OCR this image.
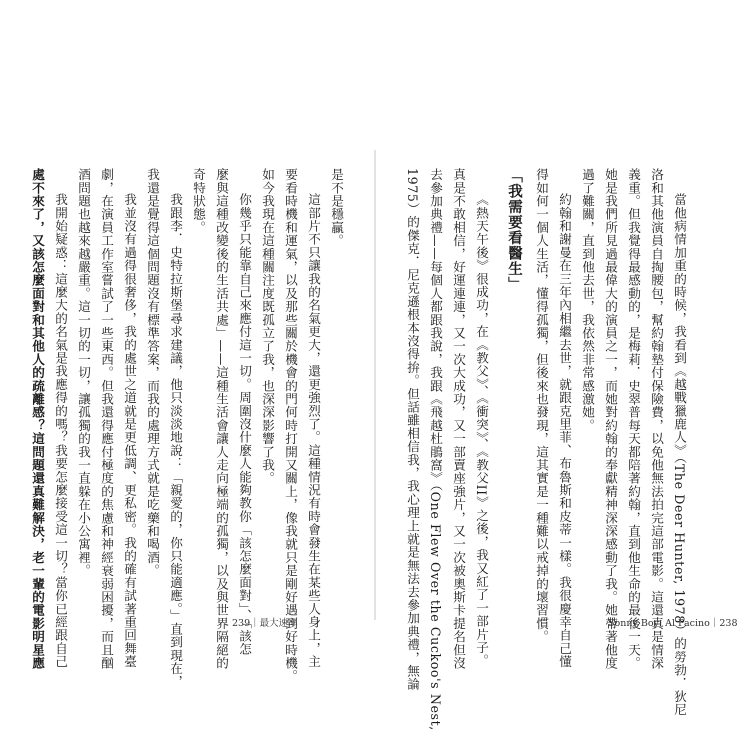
當他病情加重的時候，我看到《越戰獵鹿人》（The Deer Hunter, 1978）的勞勃．狄尼
洛和其他演員自掏腰包，幫約翰墊付保險費，以免他無法拍完這部電影。這還真是情深
義重。但我覺得最感動的，是梅莉．史翠普每天都陪著約翰，直到他生命的最後一天。
她是我們所見過最偉大的演員之一，而她對約翰的奉獻精神深深感動了我。她帶著他度
過了難關，直到他去世，我依然非常感激她。
約翰和謝曼在三年內相繼去世，就跟克里菲、布魯斯和皮蒂一樣。我很慶幸自己懂
得如何一個人生活，懂得孤獨，但後來也發現，這其實是一種難以戒掉的壞習慣。
「我需要看醫生」
《熱天午後》很成功，在《教父》、《衝突》、《教父II》之後，我又紅了一部片子。
真是不敢相信，好運連連，又一次大成功，又一部賣座強片，又一次被奧斯卡提名但沒
去參加典禮——每個人都跟我說，我跟《飛越杜鵑窩》（One Flew Over the Cuckoo's Nest,
1975）的傑克．尼克遜根本沒得拚。但話雖相信我，我心理上就是無法去參加典禮，無論
是不是穩贏。
這部片不只讓我的名氣更大，還更強烈了。這種情況有時會發生在某些人身上，主
要看時機和運氣，以及那些關於機會的門何時打開又關上，像我就只是剛好遇到好時機。
如今我現在這種關注度既孤立了我，也深深影響了我。
你幾乎只能靠自己來應付這一切。周圍沒什麼人能夠教你「該怎麼面對」、「該怎
麼與這種改變後的生活共處」——這種生活會讓人走向極端的孤獨，以及與世界隔絕的
奇特狀態。
我跟李．史特拉斯堡尋求建議，他只淡淡地說：「親愛的，你只能適應。」直到現在，
我還是覺得這個問題沒有標準答案，而我的處理方式就是吃藥和喝酒。
我並沒有過得很奢侈，我的處世之道就是更低調、更私密。我的確有試著重回舞臺
劇，在演員工作室嘗試了一些東西。但我還得應付極度的焦慮和神經衰弱困擾，而且酗
酒問題也越來越嚴重。這一切的一切，讓孤獨的我一直躲在小公寓裡。
我開始疑惑：這麼大的名氣是我應得的嗎？我要怎麼接受這一切？當你已經跟自己
處不來了，又該怎麼面對和其他人的疏離感？這問題還真難解決，老一輩的電影明星應	239｜最大速率	Sonny Boy: Al Pacino｜238
